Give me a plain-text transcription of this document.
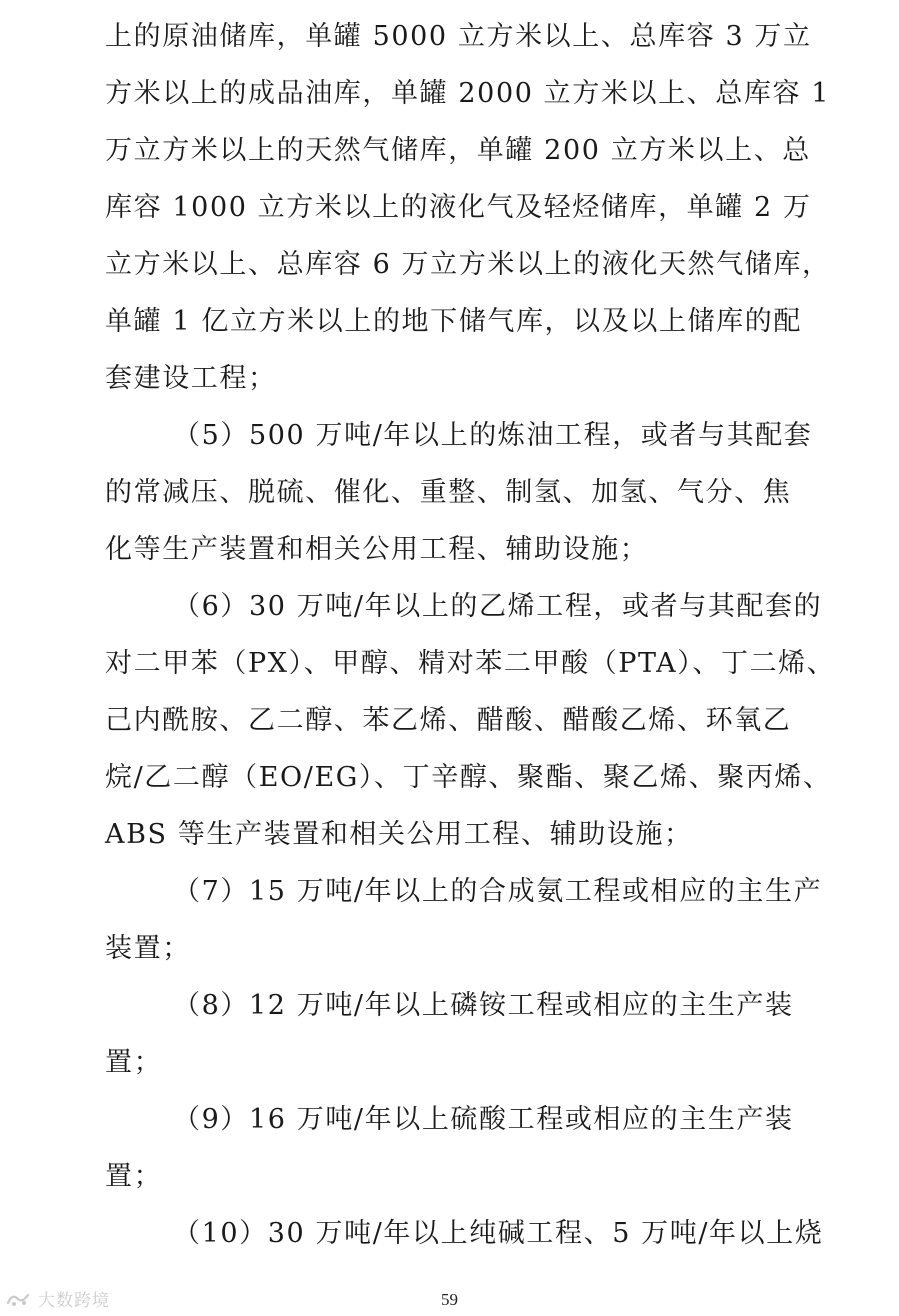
上的原油储库，单罐 5000 立方米以上、总库容 3 万立

方米以上的成品油库，单罐 2000 立方米以上、总库容 1

万立方米以上的天然气储库，单罐 200 立方米以上、总

库容 1000 立方米以上的液化气及轻烃储库，单罐 2 万

立方米以上、总库容 6 万立方米以上的液化天然气储库，

单罐 1 亿立方米以上的地下储气库，以及以上储库的配

套建设工程；

（5）500 万吨/年以上的炼油工程，或者与其配套

的常减压、脱硫、催化、重整、制氢、加氢、气分、焦

化等生产装置和相关公用工程、辅助设施；

（6）30 万吨/年以上的乙烯工程，或者与其配套的

对二甲苯（PX）、甲醇、精对苯二甲酸（PTA）、丁二烯、

己内酰胺、乙二醇、苯乙烯、醋酸、醋酸乙烯、环氧乙

烷/乙二醇（EO/EG）、丁辛醇、聚酯、聚乙烯、聚丙烯、

ABS 等生产装置和相关公用工程、辅助设施；

（7）15 万吨/年以上的合成氨工程或相应的主生产

装置；

（8）12 万吨/年以上磷铵工程或相应的主生产装

置；

（9）16 万吨/年以上硫酸工程或相应的主生产装

置；

（10）30 万吨/年以上纯碱工程、5 万吨/年以上烧

59
大数跨境
